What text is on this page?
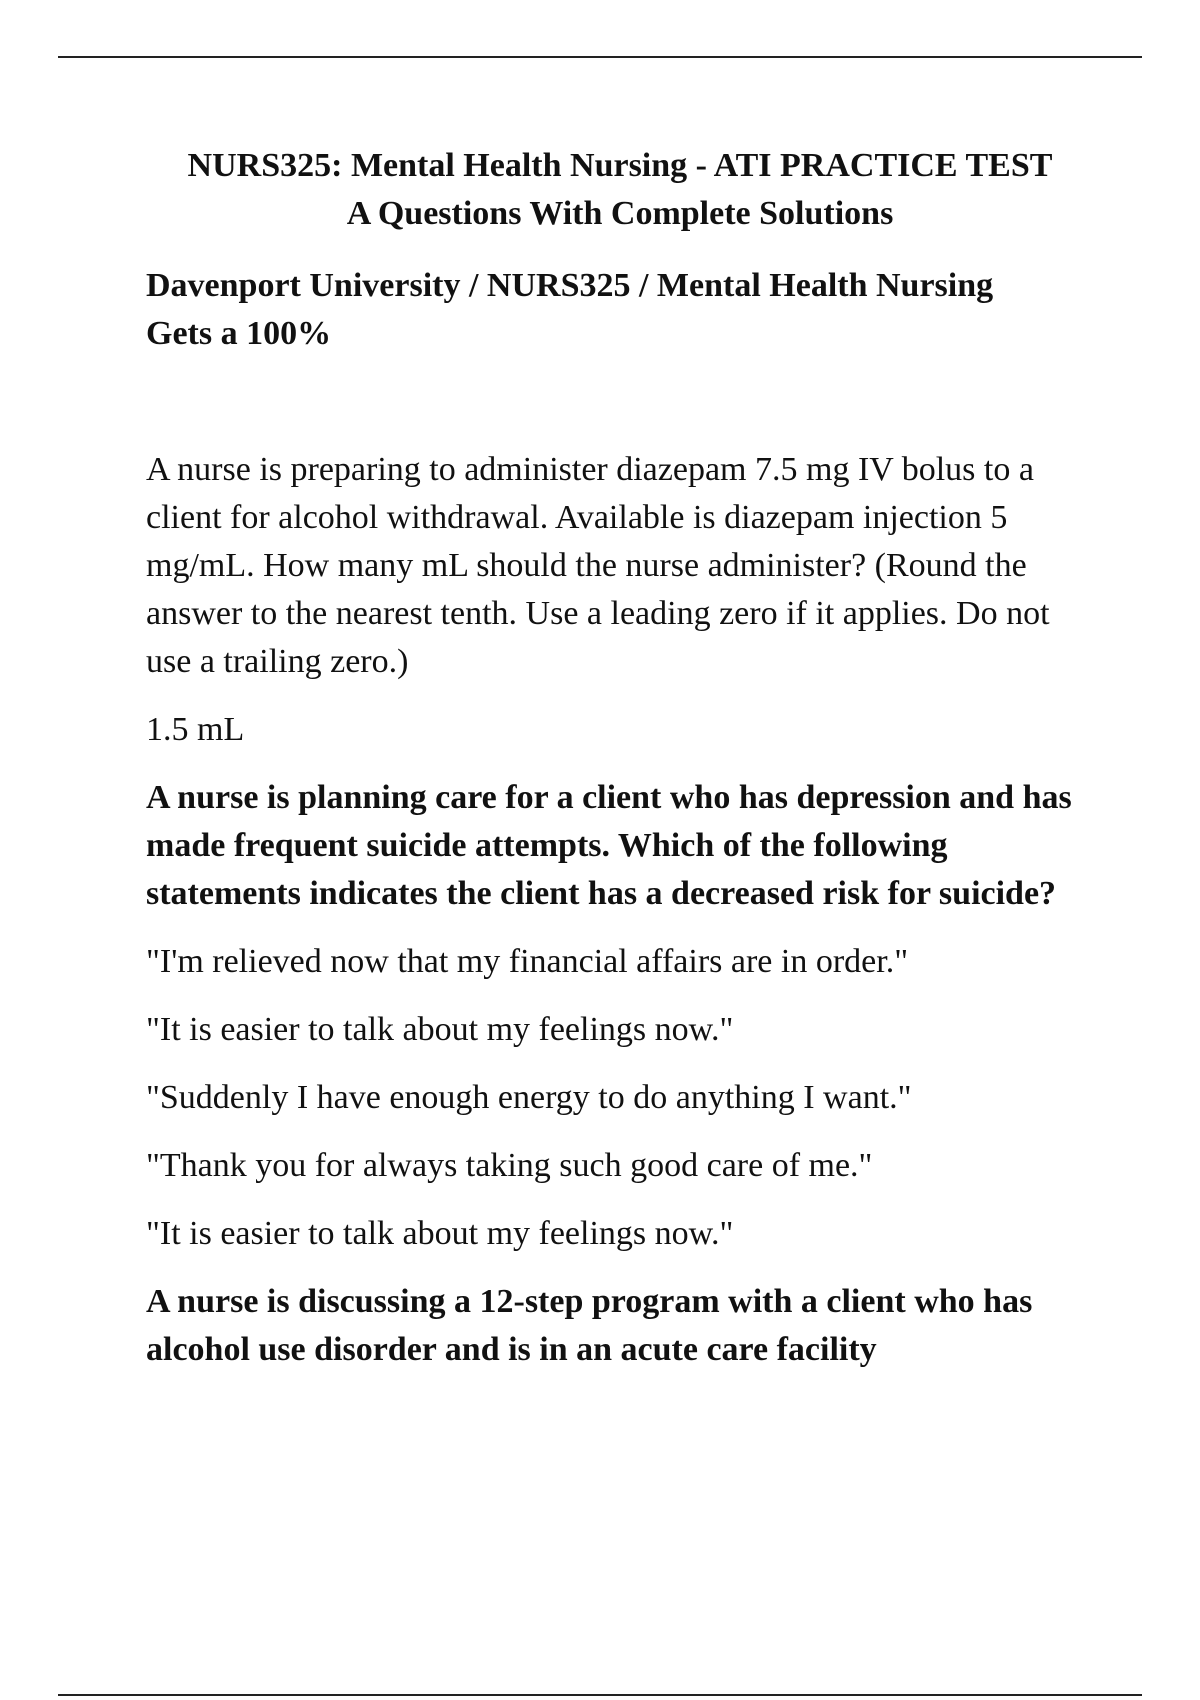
NURS325: Mental Health Nursing - ATI PRACTICE TEST
A Questions With Complete Solutions
Davenport University / NURS325 / Mental Health Nursing
Gets a 100%

A nurse is preparing to administer diazepam 7.5 mg IV bolus to a client for alcohol withdrawal. Available is diazepam injection 5 mg/mL. How many mL should the nurse administer? (Round the answer to the nearest tenth. Use a leading zero if it applies. Do not use a trailing zero.)

1.5 mL

A nurse is planning care for a client who has depression and has made frequent suicide attempts. Which of the following statements indicates the client has a decreased risk for suicide?

"I'm relieved now that my financial affairs are in order."

"It is easier to talk about my feelings now."

"Suddenly I have enough energy to do anything I want."

"Thank you for always taking such good care of me."

"It is easier to talk about my feelings now."

A nurse is discussing a 12-step program with a client who has alcohol use disorder and is in an acute care facility
